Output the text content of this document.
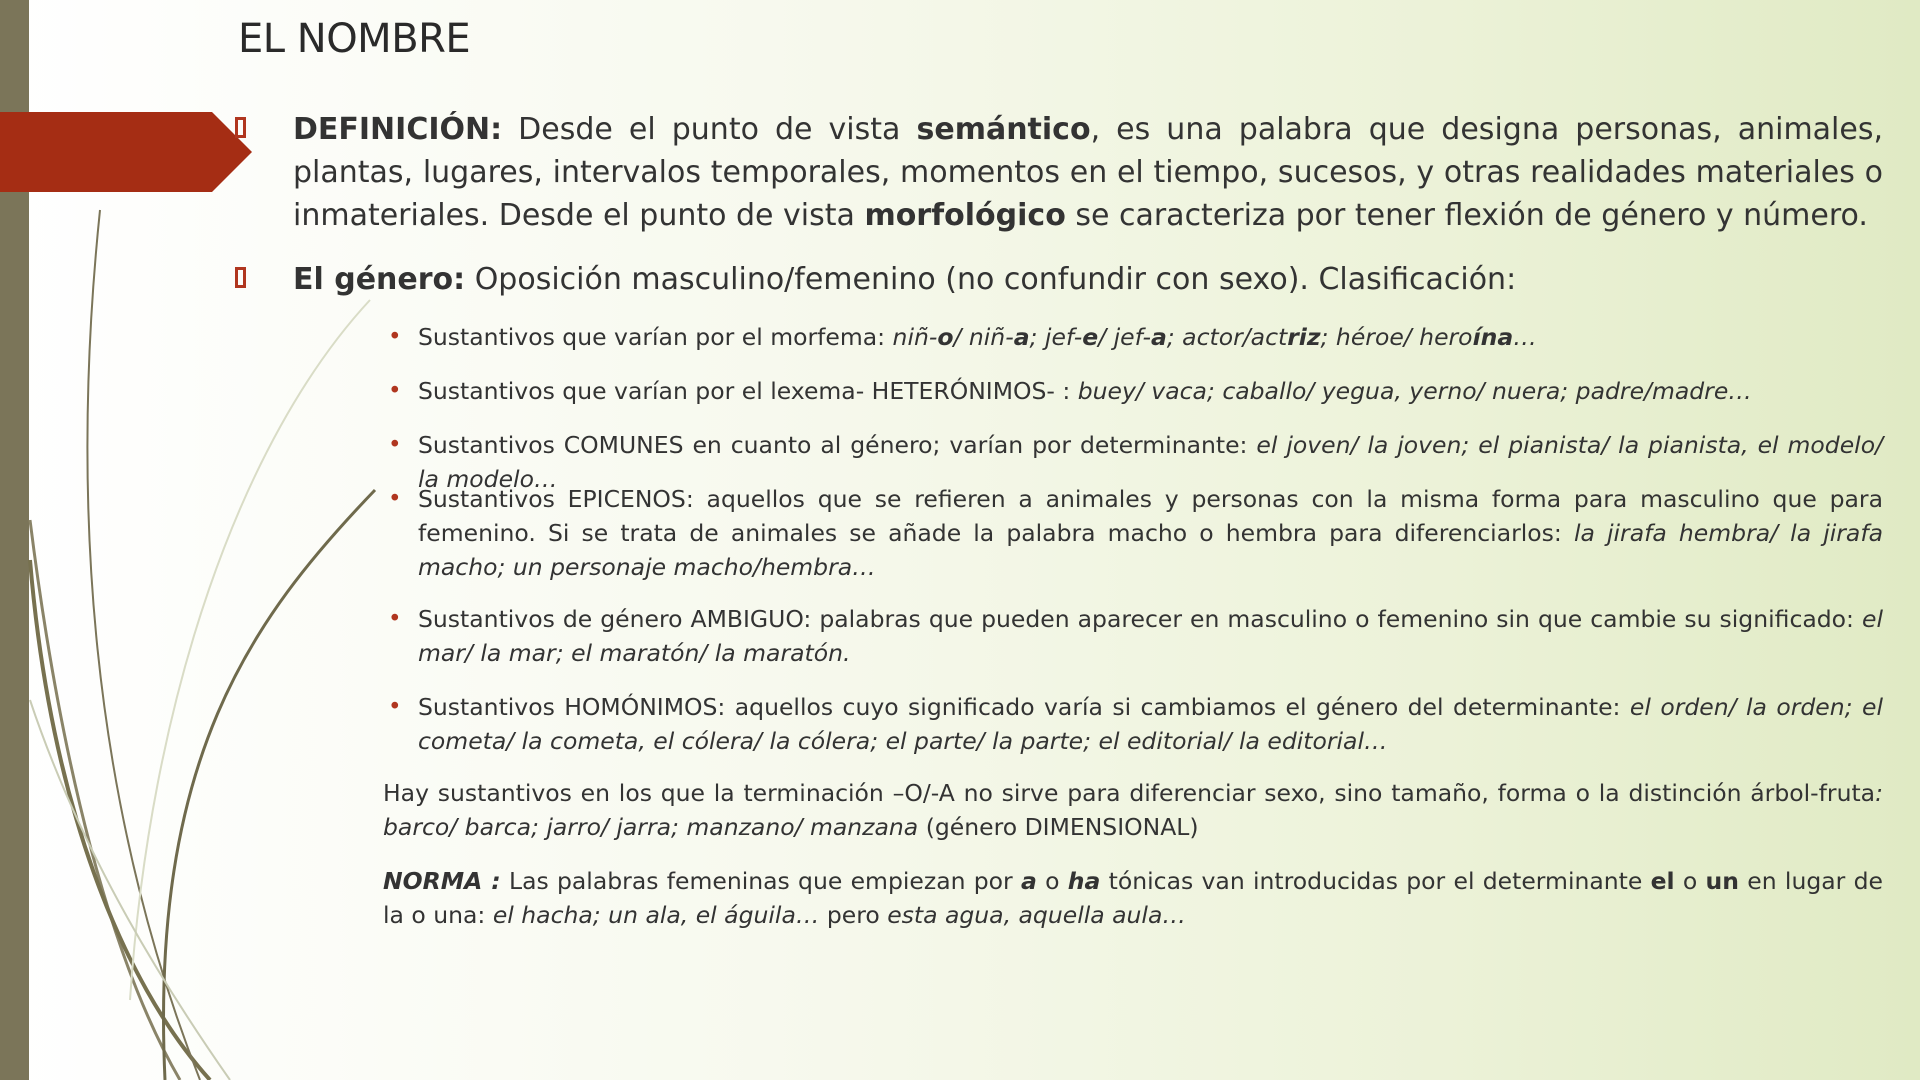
EL NOMBRE
DEFINICIÓN: Desde el punto de vista semántico, es una palabra que designa personas, animales, plantas, lugares, intervalos temporales, momentos en el tiempo, sucesos, y otras realidades materiales o inmateriales. Desde el punto de vista morfológico se caracteriza por tener flexión de género y número.
El género: Oposición masculino/femenino (no confundir con sexo). Clasificación:
• Sustantivos que varían por el morfema: niñ-o/ niñ-a; jef-e/ jef-a; actor/actriz; héroe/ heroína…
• Sustantivos que varían por el lexema- HETERÓNIMOS- : buey/ vaca; caballo/ yegua, yerno/ nuera; padre/madre…
• Sustantivos COMUNES en cuanto al género; varían por determinante: el joven/ la joven; el pianista/ la pianista, el modelo/ la modelo…
• Sustantivos EPICENOS: aquellos que se refieren a animales y personas con la misma forma para masculino que para femenino. Si se trata de animales se añade la palabra macho o hembra para diferenciarlos: la jirafa hembra/ la jirafa macho; un personaje macho/hembra…
• Sustantivos de género AMBIGUO: palabras que pueden aparecer en masculino o femenino sin que cambie su significado: el mar/ la mar; el maratón/ la maratón.
• Sustantivos HOMÓNIMOS: aquellos cuyo significado varía si cambiamos el género del determinante: el orden/ la orden; el cometa/ la cometa, el cólera/ la cólera; el parte/ la parte; el editorial/ la editorial…
Hay sustantivos en los que la terminación –O/-A no sirve para diferenciar sexo, sino tamaño, forma o la distinción árbol-fruta: barco/ barca; jarro/ jarra; manzano/ manzana (género DIMENSIONAL)
NORMA : Las palabras femeninas que empiezan por a o ha tónicas van introducidas por el determinante el o un en lugar de la o una: el hacha; un ala, el águila… pero esta agua, aquella aula…
